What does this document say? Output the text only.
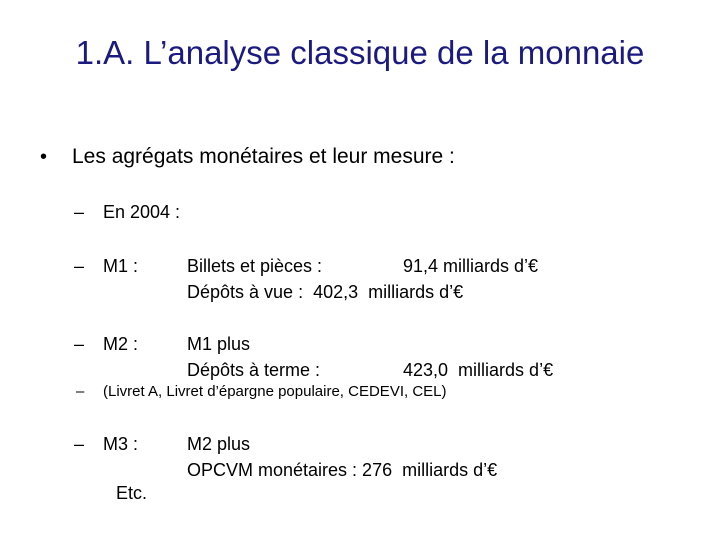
1.A. L’analyse classique de la monnaie
• Les agrégats monétaires et leur mesure :
– En 2004 :
– M1 :	Billets et pièces :	91,4 milliards d’€
Dépôts à vue :  402,3  milliards d’€
– M2 :	M1 plus
Dépôts à terme :	423,0  milliards d’€
– (Livret A, Livret d’épargne populaire, CEDEVI, CEL)
– M3 :	M2 plus
OPCVM monétaires : 276  milliards d’€
Etc.
